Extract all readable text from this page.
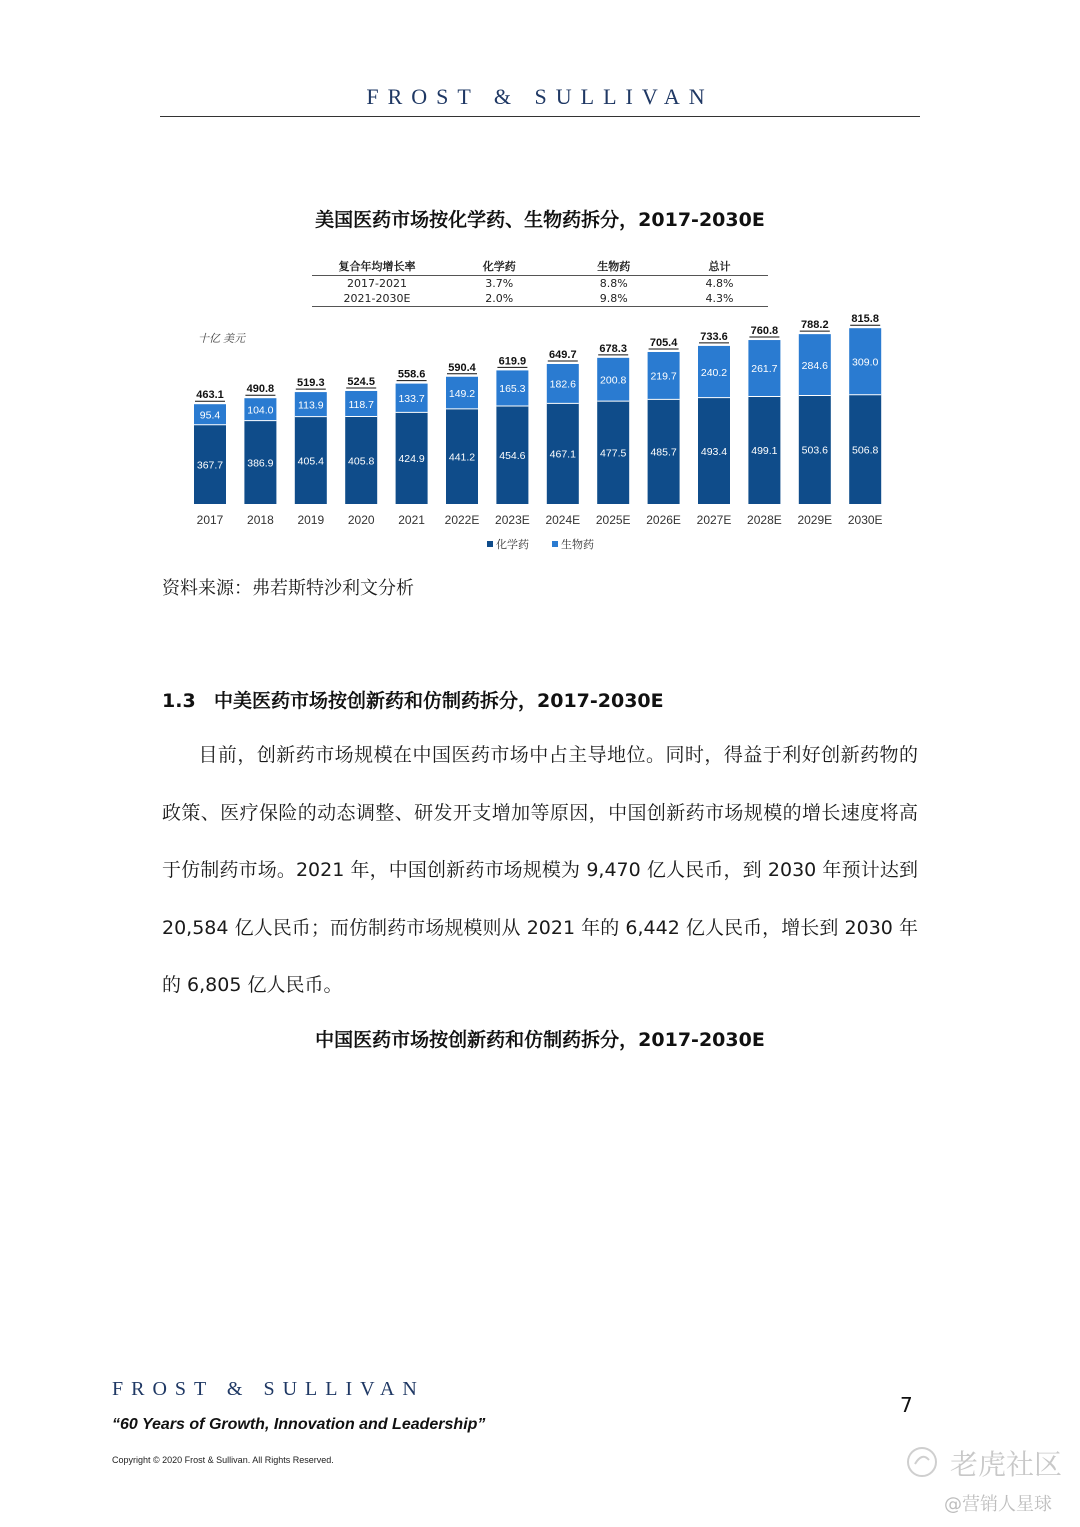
FROST & SULLIVAN
美国医药市场按化学药、生物药拆分，2017-2030E
复合年均增长率	化学药	生物药	总计
2017-2021	3.7%	8.8%	4.8%
2021-2030E	2.0%	9.8%	4.3%
十亿 美元
367.7
95.4
463.1
2017
386.9
104.0
490.8
2018
405.4
113.9
519.3
2019
405.8
118.7
524.5
2020
424.9
133.7
558.6
2021
441.2
149.2
590.4
2022E
454.6
165.3
619.9
2023E
467.1
182.6
649.7
2024E
477.5
200.8
678.3
2025E
485.7
219.7
705.4
2026E
493.4
240.2
733.6
2027E
499.1
261.7
760.8
2028E
503.6
284.6
788.2
2029E
506.8
309.0
815.8
2030E
化学药	生物药
资料来源：弗若斯特沙利文分析
1.3 中美医药市场按创新药和仿制药拆分，2017-2030E
目前，创新药市场规模在中国医药市场中占主导地位。同时，得益于利好创新药物的政策、医疗保险的动态调整、研发开支增加等原因，中国创新药市场规模的增长速度将高于仿制药市场。2021 年，中国创新药市场规模为 9,470 亿人民币，到 2030 年预计达到 20,584 亿人民币；而仿制药市场规模则从 2021 年的 6,442 亿人民币，增长到 2030 年的 6,805 亿人民币。
中国医药市场按创新药和仿制药拆分，2017-2030E
FROST & SULLIVAN
“60 Years of Growth, Innovation and Leadership”
Copyright © 2020 Frost & Sullivan. All Rights Reserved.
7
老虎社区
@营销人星球
